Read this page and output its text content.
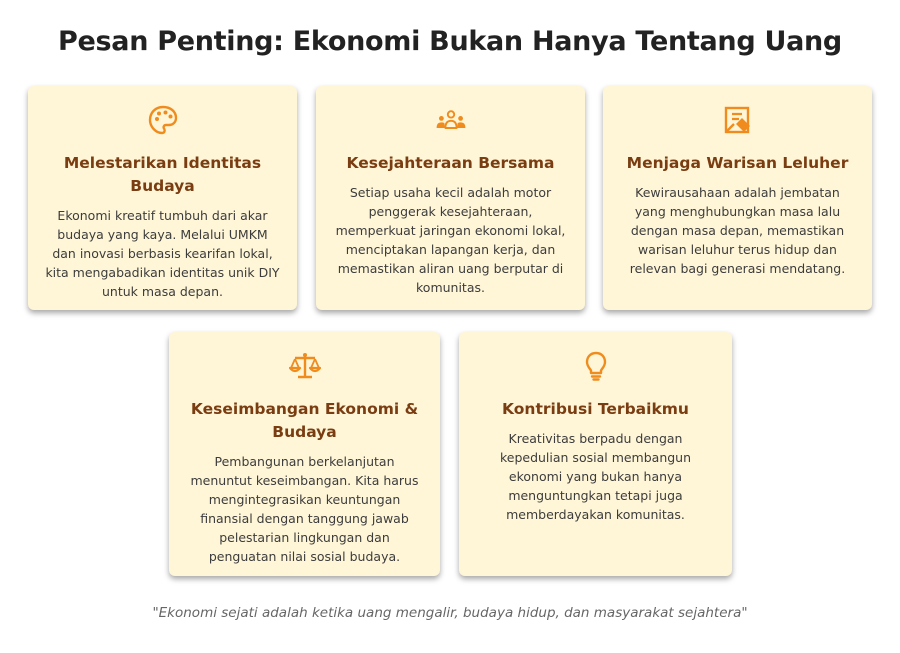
Pesan Penting: Ekonomi Bukan Hanya Tentang Uang
Melestarikan Identitas Budaya
Ekonomi kreatif tumbuh dari akar budaya yang kaya. Melalui UMKM dan inovasi berbasis kearifan lokal, kita mengabadikan identitas unik DIY untuk masa depan.
Kesejahteraan Bersama
Setiap usaha kecil adalah motor penggerak kesejahteraan, memperkuat jaringan ekonomi lokal, menciptakan lapangan kerja, dan memastikan aliran uang berputar di komunitas.
Menjaga Warisan Leluher
Kewirausahaan adalah jembatan yang menghubungkan masa lalu dengan masa depan, memastikan warisan leluhur terus hidup dan relevan bagi generasi mendatang.
Keseimbangan Ekonomi & Budaya
Pembangunan berkelanjutan menuntut keseimbangan. Kita harus mengintegrasikan keuntungan finansial dengan tanggung jawab pelestarian lingkungan dan penguatan nilai sosial budaya.
Kontribusi Terbaikmu
Kreativitas berpadu dengan kepedulian sosial membangun ekonomi yang bukan hanya menguntungkan tetapi juga memberdayakan komunitas.
"Ekonomi sejati adalah ketika uang mengalir, budaya hidup, dan masyarakat sejahtera"
